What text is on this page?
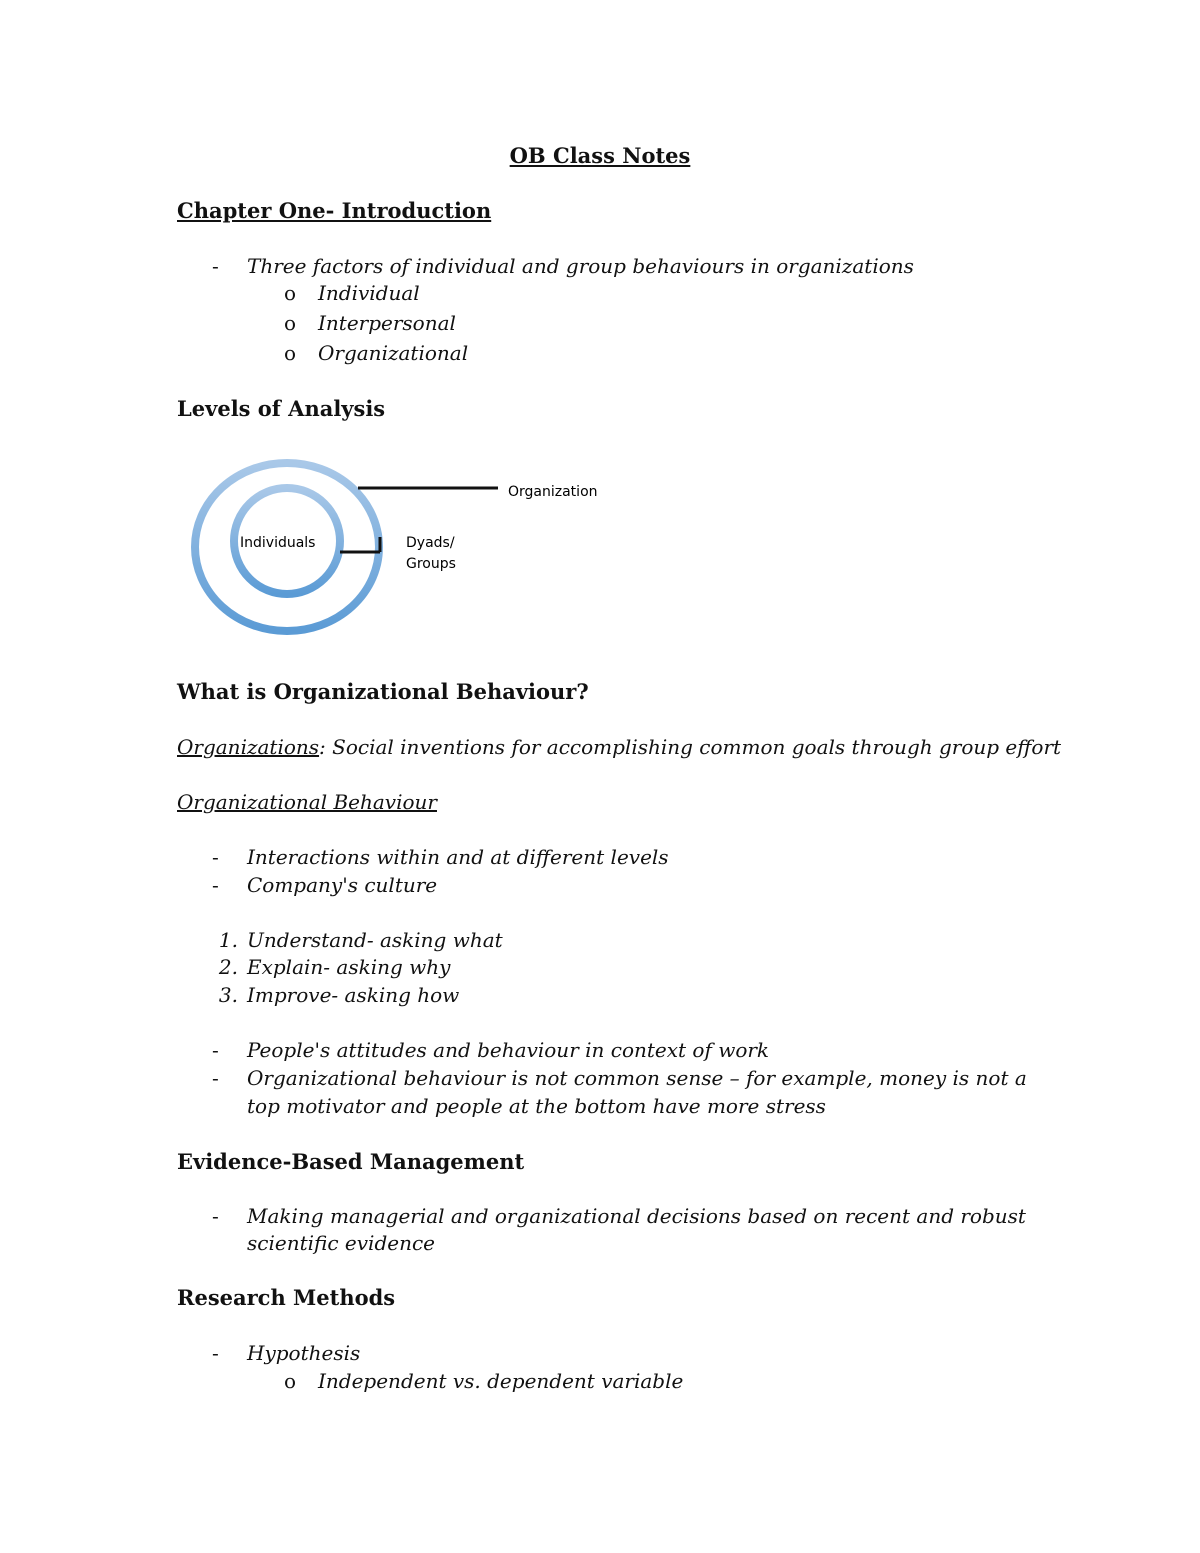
OB Class Notes
Chapter One- Introduction
- Three factors of individual and group behaviours in organizations
o Individual
o Interpersonal
o Organizational
Levels of Analysis
Individuals	Dyads/
Groups
Organization
What is Organizational Behaviour?
Organizations: Social inventions for accomplishing common goals through group effort
Organizational Behaviour
- Interactions within and at different levels
- Company's culture
1. Understand- asking what
2. Explain- asking why
3. Improve- asking how
- People's attitudes and behaviour in context of work
- Organizational behaviour is not common sense – for example, money is not a
top motivator and people at the bottom have more stress
Evidence-Based Management
- Making managerial and organizational decisions based on recent and robust
scientific evidence
Research Methods
- Hypothesis
o Independent vs. dependent variable
